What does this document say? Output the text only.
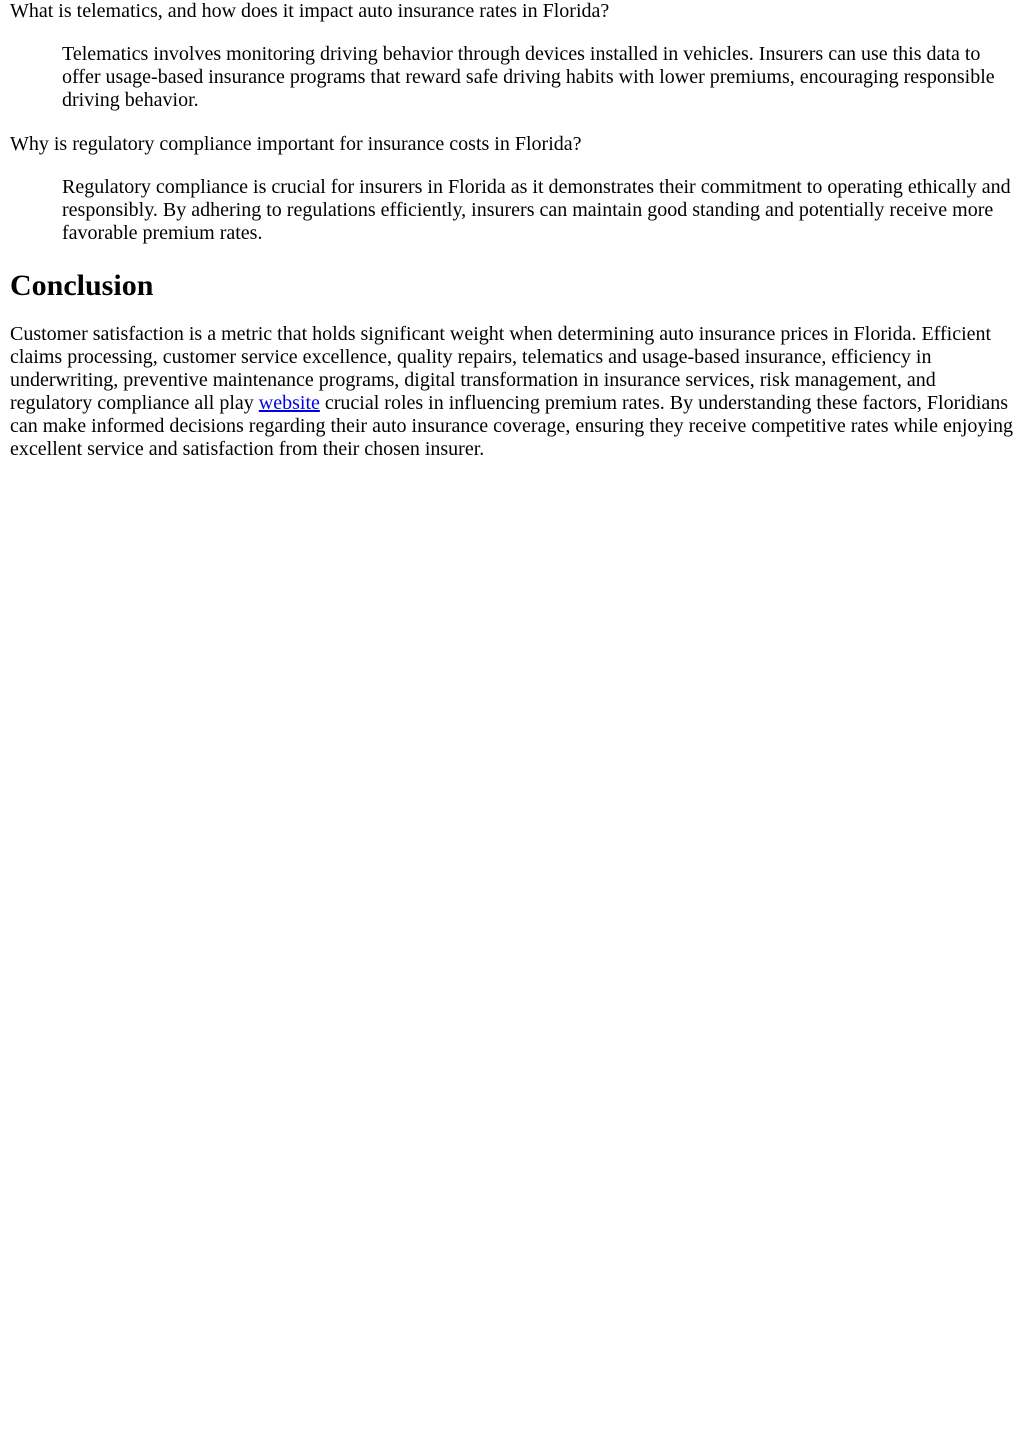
What is telematics, and how does it impact auto insurance rates in Florida?

Telematics involves monitoring driving behavior through devices installed in vehicles. Insurers can use this data to offer usage-based insurance programs that reward safe driving habits with lower premiums, encouraging responsible driving behavior.

Why is regulatory compliance important for insurance costs in Florida?

Regulatory compliance is crucial for insurers in Florida as it demonstrates their commitment to operating ethically and responsibly. By adhering to regulations efficiently, insurers can maintain good standing and potentially receive more favorable premium rates.

Conclusion

Customer satisfaction is a metric that holds significant weight when determining auto insurance prices in Florida. Efficient claims processing, customer service excellence, quality repairs, telematics and usage-based insurance, efficiency in underwriting, preventive maintenance programs, digital transformation in insurance services, risk management, and regulatory compliance all play website crucial roles in influencing premium rates. By understanding these factors, Floridians can make informed decisions regarding their auto insurance coverage, ensuring they receive competitive rates while enjoying excellent service and satisfaction from their chosen insurer.
